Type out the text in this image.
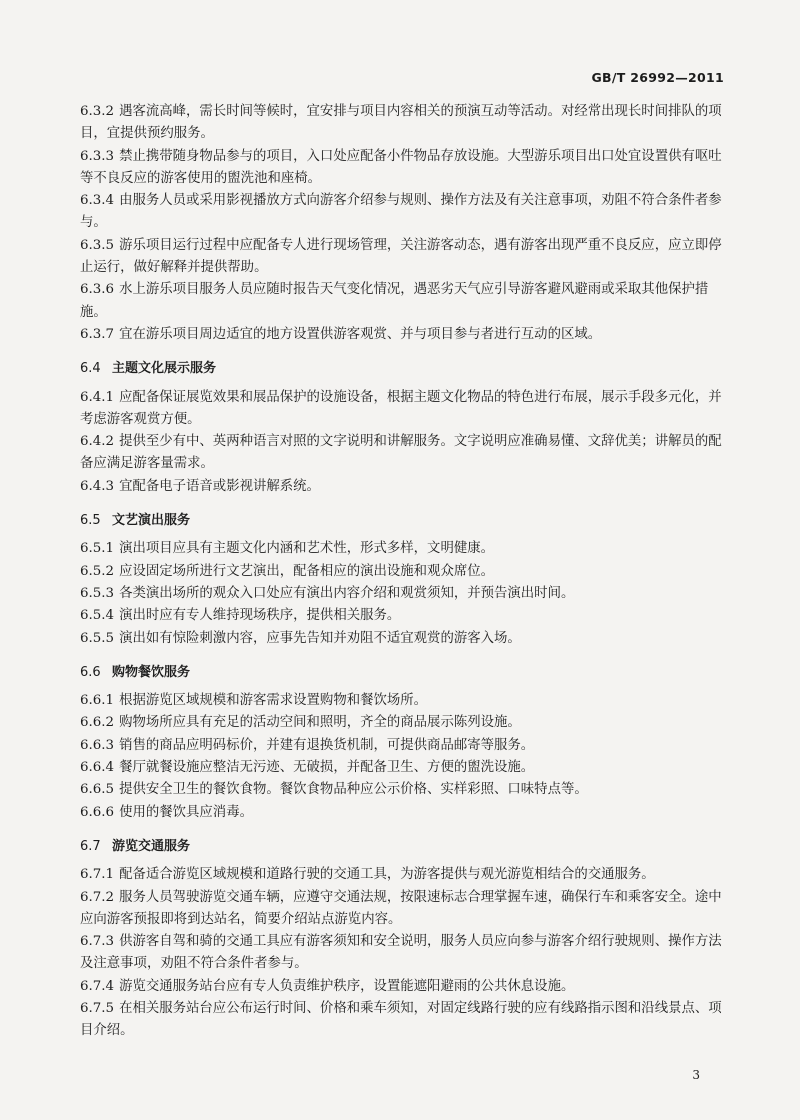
GB/T 26992—2011
6.3.2 遇客流高峰，需长时间等候时，宜安排与项目内容相关的预演互动等活动。对经常出现长时间排队的项目，宜提供预约服务。
6.3.3 禁止携带随身物品参与的项目，入口处应配备小件物品存放设施。大型游乐项目出口处宜设置供有呕吐等不良反应的游客使用的盥洗池和座椅。
6.3.4 由服务人员或采用影视播放方式向游客介绍参与规则、操作方法及有关注意事项，劝阻不符合条件者参与。
6.3.5 游乐项目运行过程中应配备专人进行现场管理，关注游客动态，遇有游客出现严重不良反应，应立即停止运行，做好解释并提供帮助。
6.3.6 水上游乐项目服务人员应随时报告天气变化情况，遇恶劣天气应引导游客避风避雨或采取其他保护措施。
6.3.7 宜在游乐项目周边适宜的地方设置供游客观赏、并与项目参与者进行互动的区域。
6.4 主题文化展示服务
6.4.1 应配备保证展览效果和展品保护的设施设备，根据主题文化物品的特色进行布展，展示手段多元化，并考虑游客观赏方便。
6.4.2 提供至少有中、英两种语言对照的文字说明和讲解服务。文字说明应准确易懂、文辞优美；讲解员的配备应满足游客量需求。
6.4.3 宜配备电子语音或影视讲解系统。
6.5 文艺演出服务
6.5.1 演出项目应具有主题文化内涵和艺术性，形式多样，文明健康。
6.5.2 应设固定场所进行文艺演出，配备相应的演出设施和观众席位。
6.5.3 各类演出场所的观众入口处应有演出内容介绍和观赏须知，并预告演出时间。
6.5.4 演出时应有专人维持现场秩序，提供相关服务。
6.5.5 演出如有惊险刺激内容，应事先告知并劝阻不适宜观赏的游客入场。
6.6 购物餐饮服务
6.6.1 根据游览区域规模和游客需求设置购物和餐饮场所。
6.6.2 购物场所应具有充足的活动空间和照明，齐全的商品展示陈列设施。
6.6.3 销售的商品应明码标价，并建有退换货机制，可提供商品邮寄等服务。
6.6.4 餐厅就餐设施应整洁无污迹、无破损，并配备卫生、方便的盥洗设施。
6.6.5 提供安全卫生的餐饮食物。餐饮食物品种应公示价格、实样彩照、口味特点等。
6.6.6 使用的餐饮具应消毒。
6.7 游览交通服务
6.7.1 配备适合游览区域规模和道路行驶的交通工具，为游客提供与观光游览相结合的交通服务。
6.7.2 服务人员驾驶游览交通车辆，应遵守交通法规，按限速标志合理掌握车速，确保行车和乘客安全。途中应向游客预报即将到达站名，简要介绍站点游览内容。
6.7.3 供游客自驾和骑的交通工具应有游客须知和安全说明，服务人员应向参与游客介绍行驶规则、操作方法及注意事项，劝阻不符合条件者参与。
6.7.4 游览交通服务站台应有专人负责维护秩序，设置能遮阳避雨的公共休息设施。
6.7.5 在相关服务站台应公布运行时间、价格和乘车须知，对固定线路行驶的应有线路指示图和沿线景点、项目介绍。
3
